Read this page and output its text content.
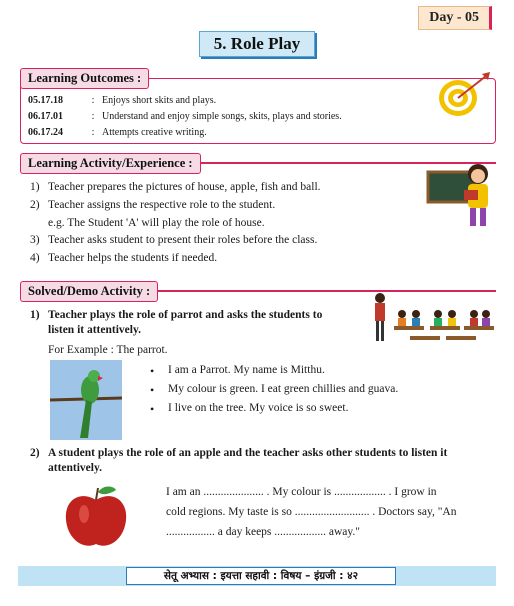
Day - 05
5. Role Play
Learning Outcomes :
05.17.18	: Enjoys short skits and plays.
06.17.01	: Understand and enjoy simple songs, skits, plays and stories.
06.17.24	: Attempts creative writing.
Learning Activity/Experience :
1) Teacher prepares the pictures of house, apple, fish and ball.
2) Teacher assigns the respective role to the student.
e.g. The Student 'A' will play the role of house.
3) Teacher asks student to present their roles before the class.
4) Teacher helps the students if needed.
Solved/Demo Activity :
1) Teacher plays the role of parrot and asks the students to
listen it attentively.
For Example : The parrot.
•	I am a Parrot. My name is Mitthu.
•	My colour is green. I eat green chillies and guava.
•	I live on the tree. My voice is so sweet.
2) A student plays the role of an apple and the teacher asks other students to listen it
attentively.
I am an ..................... . My colour is .................. . I grow in
cold regions. My taste is so .......................... . Doctors say, "An
................. a day keeps .................. away."
सेतू अभ्यास : इयत्ता सहावी : विषय – इंग्रजी : ४२
